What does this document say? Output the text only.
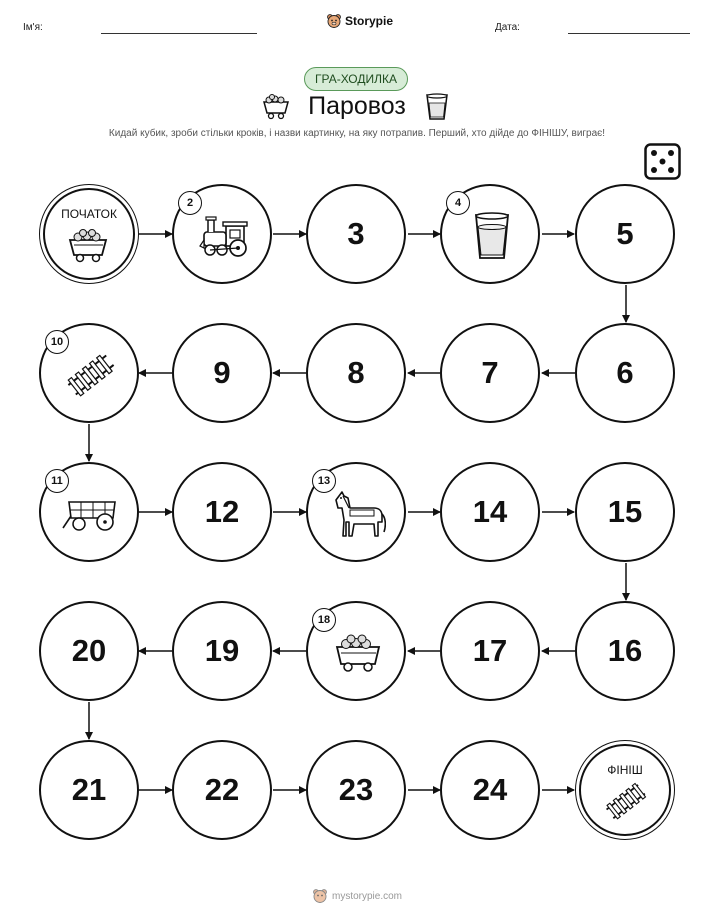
Ім'я:	Storypie	Дата:
ГРА-ХОДИЛКА
Паровоз
Кидай кубик, зроби стільки кроків, і назви картинку, на яку потрапив. Перший, хто дійде до ФІНІШУ, виграє!
ПОЧАТОК
2
3
4
5
6
7
8
9
10
11
12
13
14	15
16
17
18
19
20
21	22	23	24
ФІНІШ
mystorypie.com
